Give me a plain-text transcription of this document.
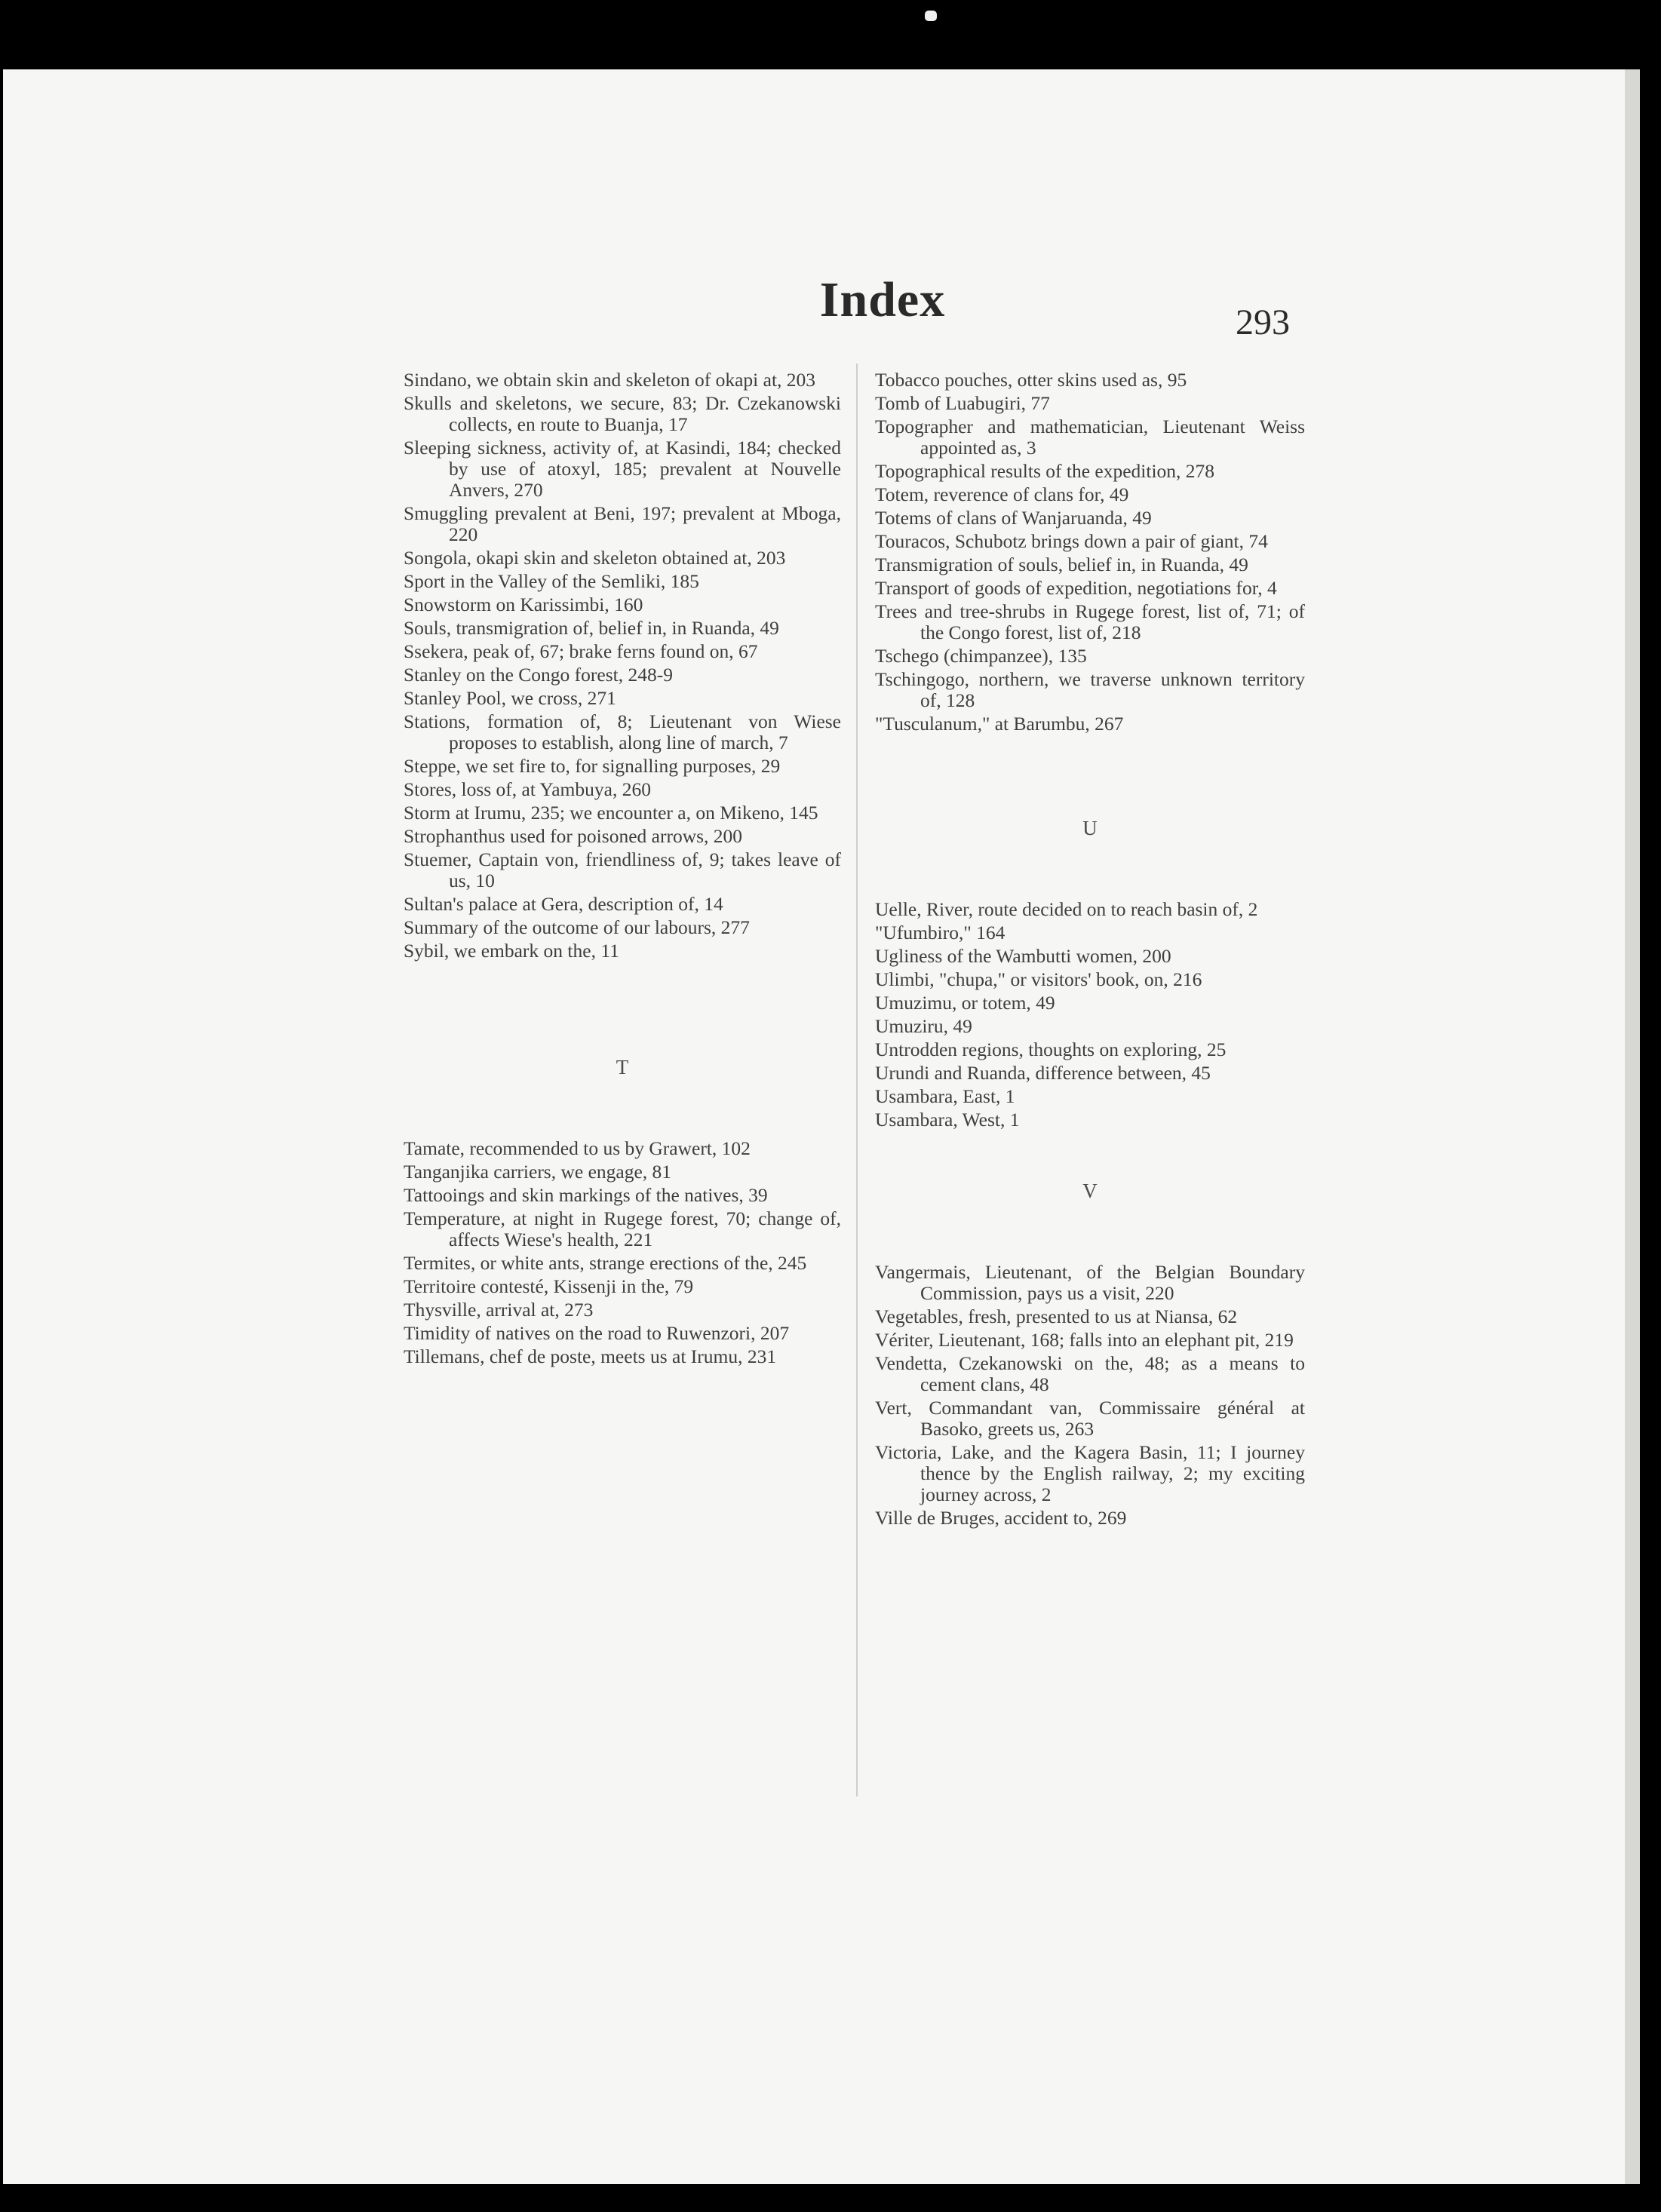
Index	293

Sindano, we obtain skin and skeleton of okapi at, 203

Skulls and skeletons, we secure, 83; Dr. Czekanowski collects, en route to Buanja, 17

Sleeping sickness, activity of, at Kasindi, 184; checked by use of atoxyl, 185; prevalent at Nouvelle Anvers, 270

Smuggling prevalent at Beni, 197; prevalent at Mboga, 220

Songola, okapi skin and skeleton obtained at, 203

Sport in the Valley of the Semliki, 185

Snowstorm on Karissimbi, 160

Souls, transmigration of, belief in, in Ruanda, 49

Ssekera, peak of, 67; brake ferns found on, 67

Stanley on the Congo forest, 248-9

Stanley Pool, we cross, 271

Stations, formation of, 8; Lieutenant von Wiese proposes to establish, along line of march, 7

Steppe, we set fire to, for signalling purposes, 29

Stores, loss of, at Yambuya, 260

Storm at Irumu, 235; we encounter a, on Mikeno, 145

Strophanthus used for poisoned arrows, 200

Stuemer, Captain von, friendliness of, 9; takes leave of us, 10

Sultan's palace at Gera, description of, 14

Summary of the outcome of our labours, 277

Sybil, we embark on the, 11

T

Tamate, recommended to us by Grawert, 102

Tanganjika carriers, we engage, 81

Tattooings and skin markings of the natives, 39

Temperature, at night in Rugege forest, 70; change of, affects Wiese's health, 221

Termites, or white ants, strange erections of the, 245

Territoire contesté, Kissenji in the, 79

Thysville, arrival at, 273

Timidity of natives on the road to Ruwenzori, 207

Tillemans, chef de poste, meets us at Irumu, 231

Tobacco pouches, otter skins used as, 95

Tomb of Luabugiri, 77

Topographer and mathematician, Lieutenant Weiss appointed as, 3

Topographical results of the expedition, 278

Totem, reverence of clans for, 49

Totems of clans of Wanjaruanda, 49

Touracos, Schubotz brings down a pair of giant, 74

Transmigration of souls, belief in, in Ruanda, 49

Transport of goods of expedition, negotiations for, 4

Trees and tree-shrubs in Rugege forest, list of, 71; of the Congo forest, list of, 218

Tschego (chimpanzee), 135

Tschingogo, northern, we traverse unknown territory of, 128

"Tusculanum," at Barumbu, 267

U

Uelle, River, route decided on to reach basin of, 2

"Ufumbiro," 164

Ugliness of the Wambutti women, 200

Ulimbi, "chupa," or visitors' book, on, 216

Umuzimu, or totem, 49

Umuziru, 49

Untrodden regions, thoughts on exploring, 25

Urundi and Ruanda, difference between, 45

Usambara, East, 1

Usambara, West, 1

V

Vangermais, Lieutenant, of the Belgian Boundary Commission, pays us a visit, 220

Vegetables, fresh, presented to us at Niansa, 62

Vériter, Lieutenant, 168; falls into an elephant pit, 219

Vendetta, Czekanowski on the, 48; as a means to cement clans, 48

Vert, Commandant van, Commissaire général at Basoko, greets us, 263

Victoria, Lake, and the Kagera Basin, 11; I journey thence by the English railway, 2; my exciting journey across, 2

Ville de Bruges, accident to, 269
